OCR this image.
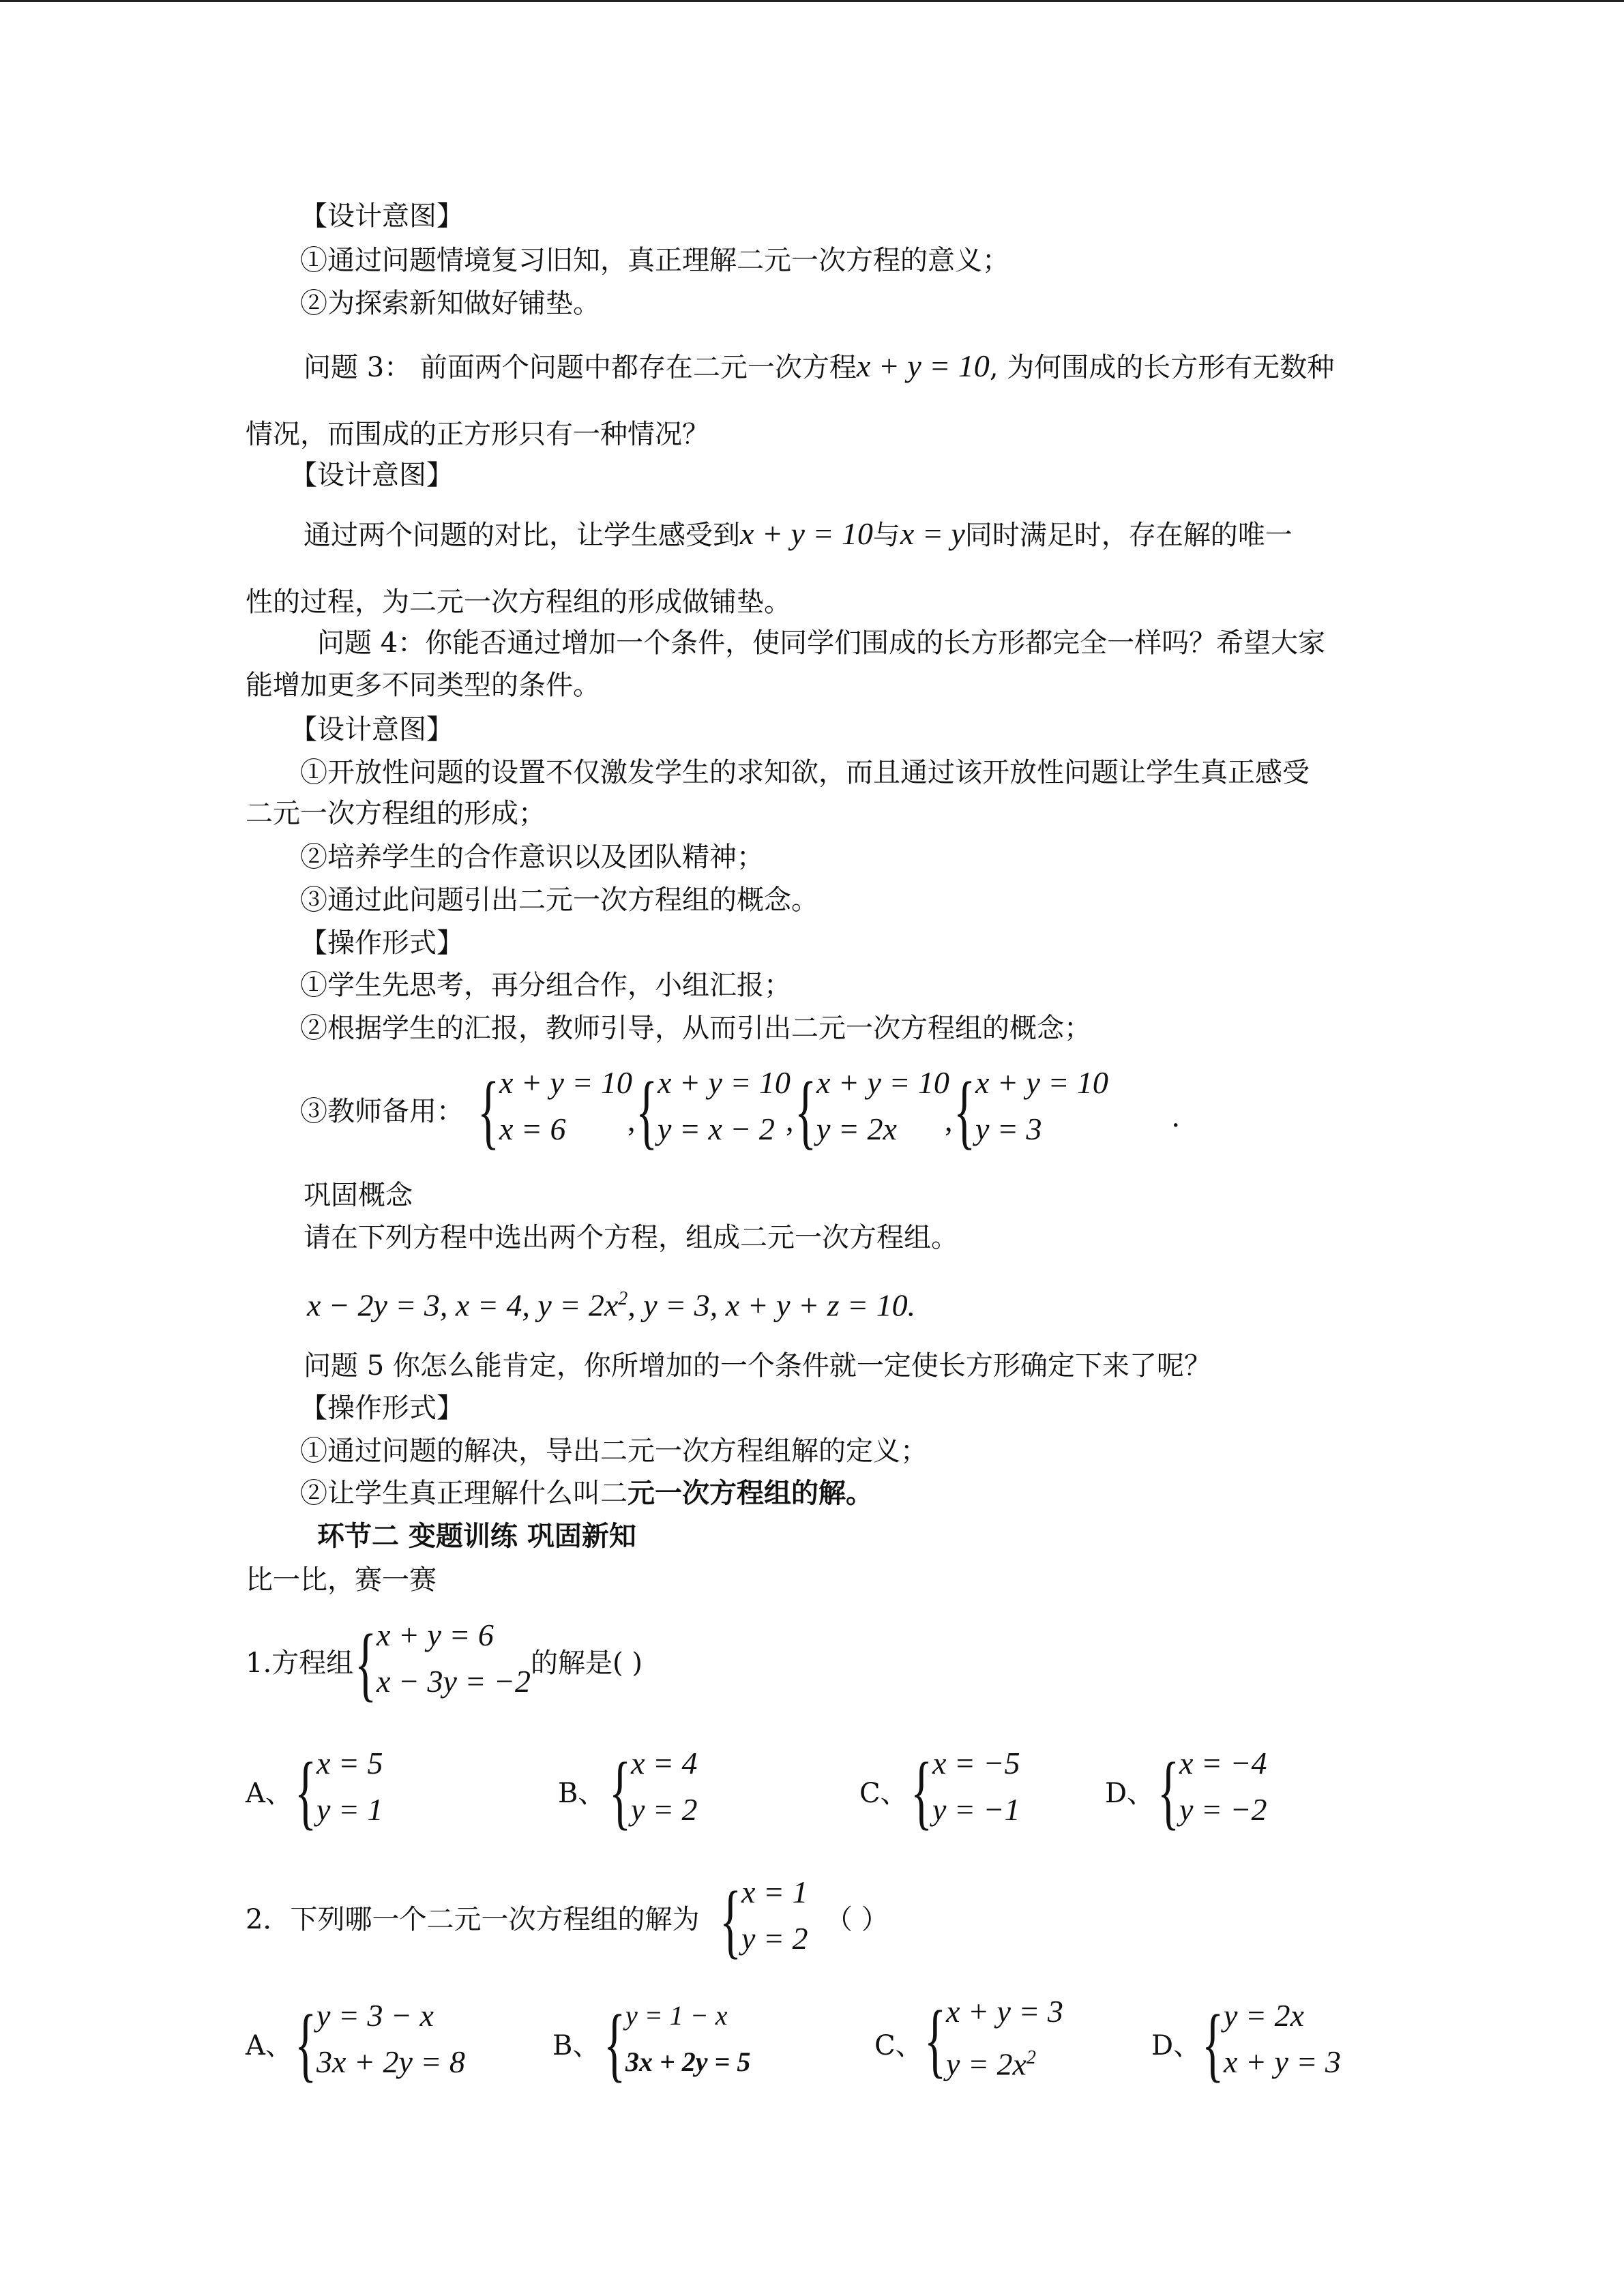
【设计意图】
①通过问题情境复习旧知，真正理解二元一次方程的意义；
②为探索新知做好铺垫。
问题 3： 前面两个问题中都存在二元一次方程x + y = 10, 为何围成的长方形有无数种
情况，而围成的正方形只有一种情况？
【设计意图】
通过两个问题的对比，让学生感受到x + y = 10与x = y同时满足时，存在解的唯一
性的过程，为二元一次方程组的形成做铺垫。
问题 4：你能否通过增加一个条件，使同学们围成的长方形都完全一样吗？希望大家
能增加更多不同类型的条件。
【设计意图】
①开放性问题的设置不仅激发学生的求知欲，而且通过该开放性问题让学生真正感受
二元一次方程组的形成；
②培养学生的合作意识以及团队精神；
③通过此问题引出二元一次方程组的概念。
【操作形式】
①学生先思考，再分组合作，小组汇报；
②根据学生的汇报，教师引导，从而引出二元一次方程组的概念；
③教师备用： { x + y = 10
x = 6 , { x + y = 10
y = x − 2 , { x + y = 10
y = 2x , { x + y = 10
y = 3	.
巩固概念
请在下列方程中选出两个方程，组成二元一次方程组。
x − 2y = 3, x = 4, $y = 2x^2$, y = 3, x + y + z = 10.
问题 5 你怎么能肯定，你所增加的一个条件就一定使长方形确定下来了呢？
【操作形式】
①通过问题的解决，导出二元一次方程组解的定义；
②让学生真正理解什么叫二元一次方程组的解。
环节二 变题训练 巩固新知
比一比，赛一赛
1.方程组 { x + y = 6
x − 3y = −2
的解是( )
A、 { x = 5
y = 1	B、 { x = 4
y = 2	C、 { x = −5
y = −1	D、 { x = −4
y = −2
2．下列哪一个二元一次方程组的解为 { x = 1
y = 2
（ ）
A、 { y = 3 − x
3x + 2y = 8	B、 { y = 1 − x
3x + 2y = 5
C、 { x + y = 3
$y = 2x^2$	D、 { y = 2x
x + y = 3
